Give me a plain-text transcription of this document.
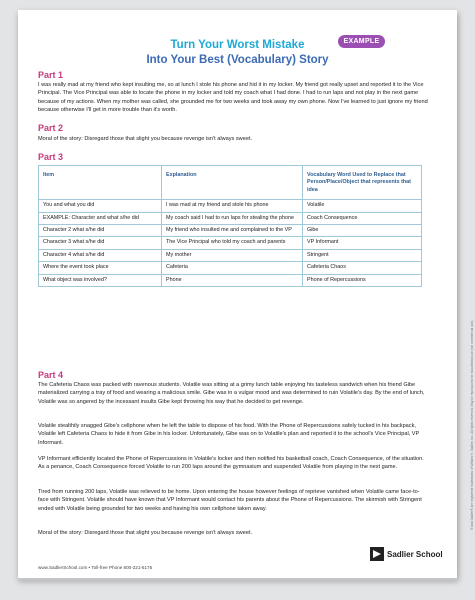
Turn Your Worst Mistake
Into Your Best (Vocabulary) Story
EXAMPLE
Part 1
I was really mad at my friend who kept insulting me, so at lunch I stole his phone and hid it in my locker. My friend got really upset and reported it to the Vice Principal. The Vice Principal was able to locate the phone in my locker and told my coach what I had done. I had to run laps and not play in the next game because of my actions. When my mother was called, she grounded me for two weeks and took away my own phone. Now I've learned to just ignore my friend because otherwise I'll get in more trouble than it's worth.
Part 2
Moral of the story: Disregard those that slight you because revenge isn't always sweet.
Part 3
Item	Explanation	Vocabulary Word Used to Replace that Person/Place/Object that represents that idea
You and what you did	I was mad at my friend and stole his phone	Volatile
EXAMPLE: Character and what s/he did	My coach said I had to run laps for stealing the phone	Coach Consequence
Character 2 what s/he did	My friend who insulted me and complained to the VP	Gibe
Character 3 what s/he did	The Vice Principal who told my coach and parents	VP Informant
Character 4 what s/he did	My mother	Stringent
Where the event took place	Cafeteria	Cafeteria Chaos
What object was involved?	Phone	Phone of Repercussions
Part 4
The Cafeteria Chaos was packed with ravenous students. Volatile was sitting at a grimy lunch table enjoying his tasteless sandwich when his friend Gibe materialized carrying a tray of food and wearing a malicious smile. Gibe was in a vulgar mood and was determined to ruin Volatile's day. By the end of lunch, Volatile was so angered by the incessant insults Gibe kept throwing his way that he decided to get revenge.
Volatile stealthily snagged Gibe's cellphone when he left the table to dispose of his food. With the Phone of Repercussions safely tucked in his backpack, Volatile left Cafeteria Chaos to hide it from Gibe in his locker. Unfortunately, Gibe was on to Volatile's plan and reported it to the school's Vice Principal, VP Informant.
VP Informant efficiently located the Phone of Repercussions in Volatile's locker and then notified his basketball coach, Coach Consequence, of the situation. As a penance, Coach Consequence forced Volatile to run 200 laps around the gymnasium and suspended Volatile from playing in the next game.
Tired from running 200 laps, Volatile was relieved to be home. Upon entering the house however feelings of reprieve vanished when Volatile came face-to-face with Stringent. Volatile should have known that VP Informant would contact his parents about the Phone of Repercussions. The skirmish with Stringent ended with Volatile being grounded for two weeks and having his own cellphone taken away.
Moral of the story: Disregard those that slight you because revenge isn't always sweet.
www.SadlierSchool.com • Toll-free Phone 800-221-5175
Sadlier School
® and Sadlier® are registered trademarks of William H. Sadlier, Inc. All rights reserved. May be reproduced for educational use (not commercial use).
